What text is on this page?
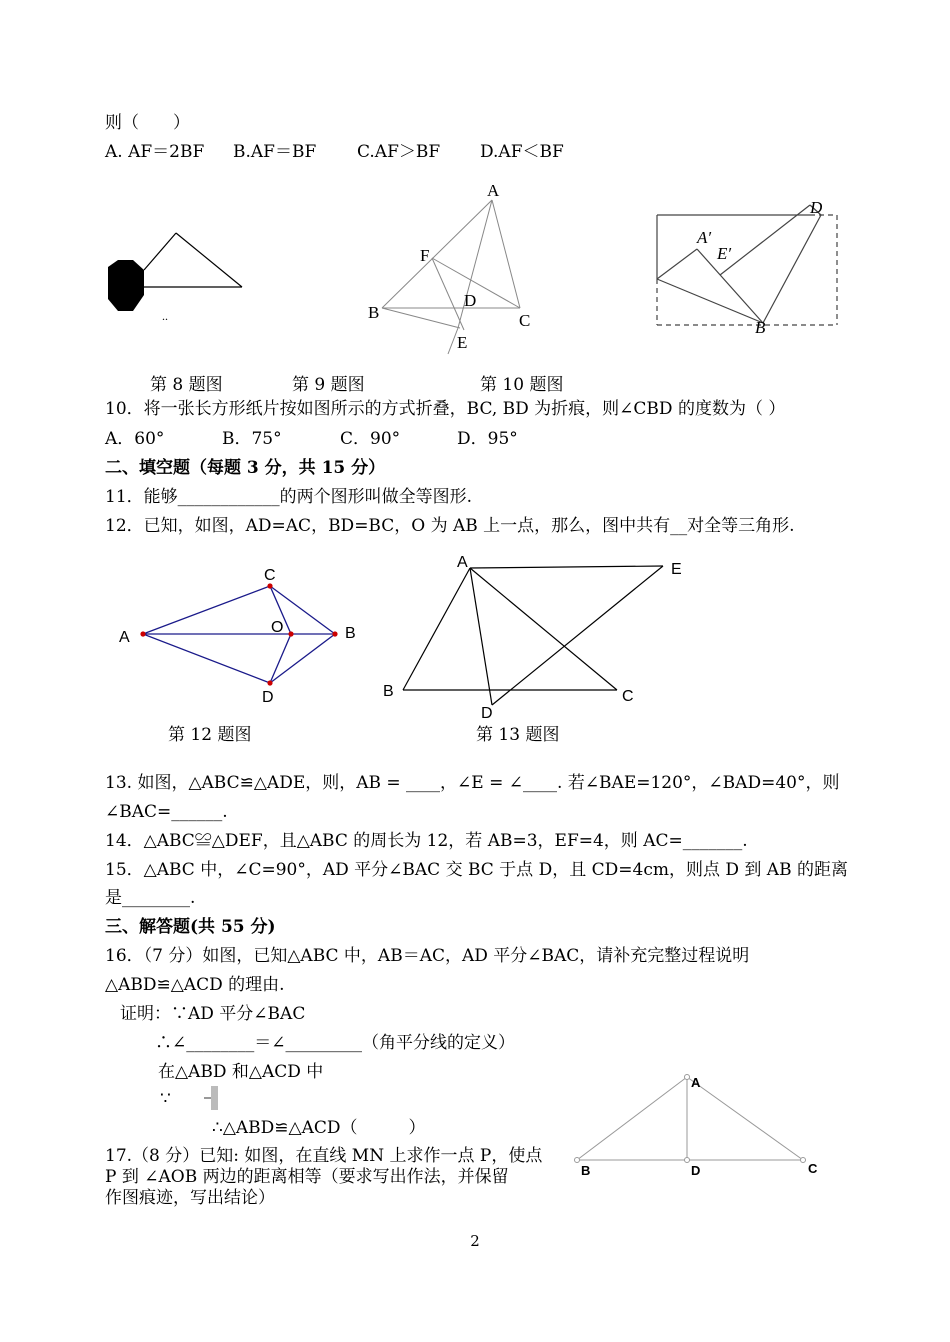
则（　　）
A. AF＝2BF B.AF＝BF C.AF＞BF D.AF＜BF
..
A
F
D
B	C
E
D
A′
E′
B
第 8 题图	第 9 题图	第 10 题图
10．将一张长方形纸片按如图所示的方式折叠，BC, BD 为折痕，则∠CBD 的度数为（ ）
A．60°	B．75°	C．90°	D．95°
二、填空题（每题 3 分，共 15 分）
11．能够____________的两个图形叫做全等图形.
12．已知，如图，AD=AC，BD=BC，O 为 AB 上一点，那么，图中共有__对全等三角形.
A
C
O	B
D
A	E
B	C
D
第 12 题图	第 13 题图
13. 如图，△ABC≌△ADE，则，AB = ____，∠E = ∠____. 若∠BAE=120°，∠BAD=40°，则
∠BAC=______.
14．△ABC≌△DEF，且△ABC 的周长为 12，若 AB=3，EF=4，则 AC=_______.
15．△ABC 中，∠C=90°，AD 平分∠BAC 交 BC 于点 D，且 CD=4cm，则点 D 到 AB 的距离
是________.
三、解答题(共 55 分)
16．（7 分）如图，已知△ABC 中，AB＝AC，AD 平分∠BAC，请补充完整过程说明
△ABD≌△ACD 的理由.
证明：∵AD 平分∠BAC
∴∠________＝∠_________（角平分线的定义）
在△ABD 和△ACD 中
∵
∴△ABD≌△ACD（　　　）
A
B	D	C
17.（8 分）已知: 如图，在直线 MN 上求作一点 P，使点
P 到 ∠AOB 两边的距离相等（要求写出作法，并保留
作图痕迹，写出结论）
2
